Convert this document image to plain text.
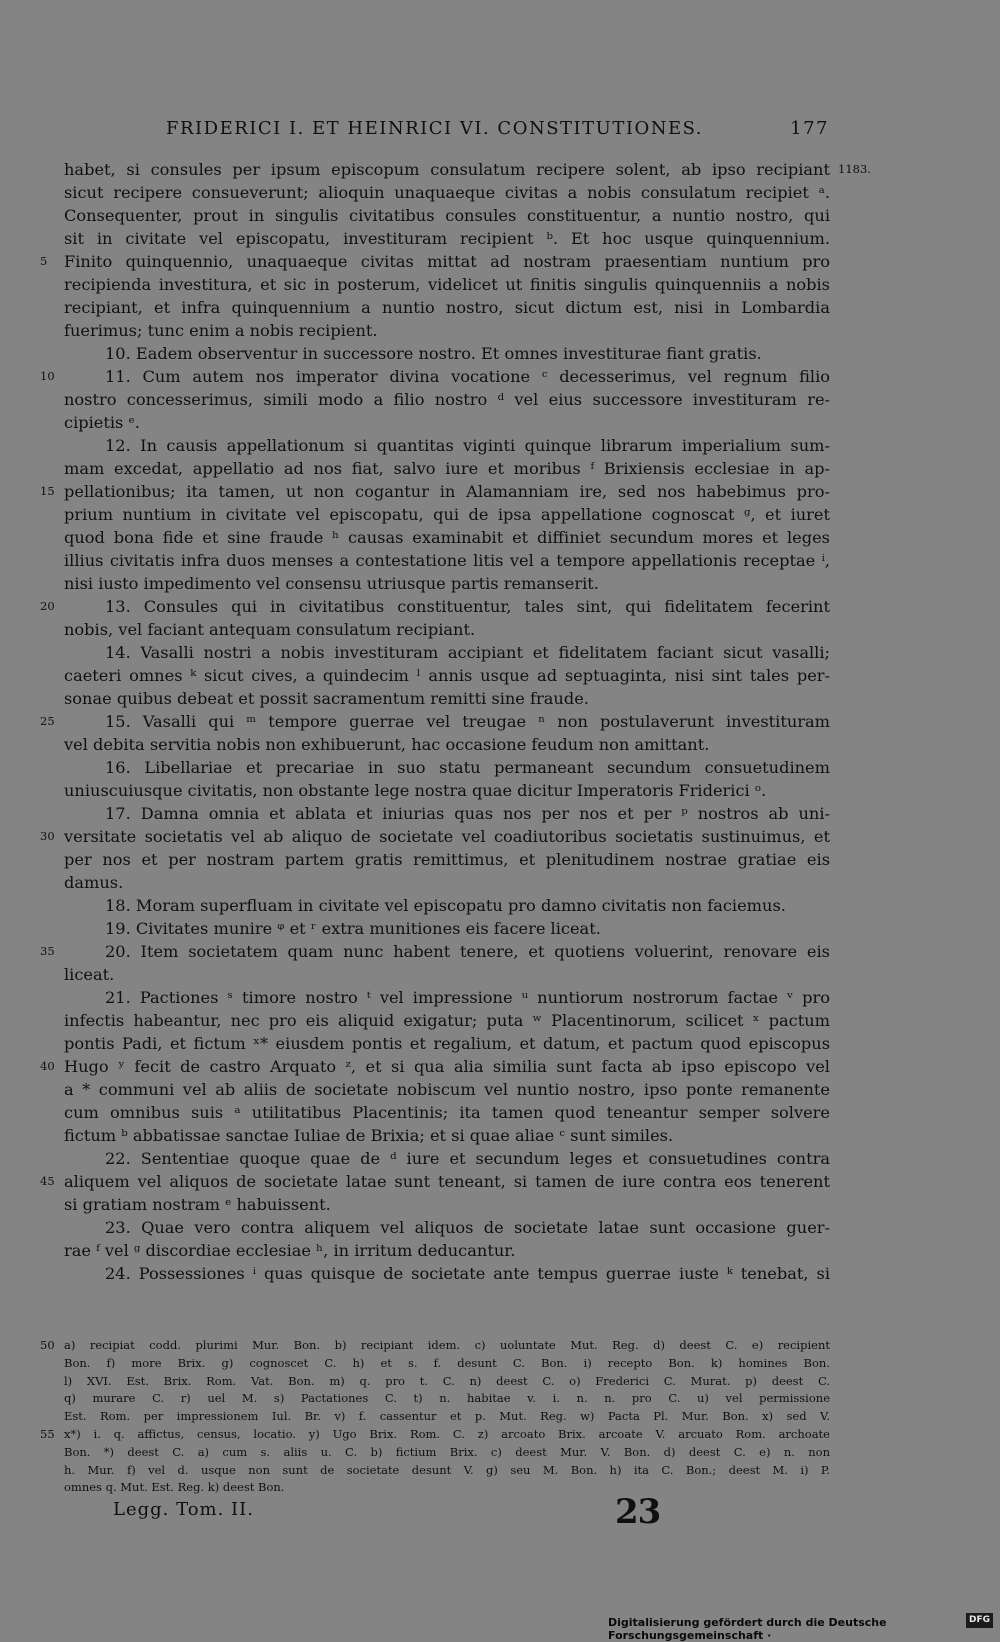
FRIDERICI I. ET HEINRICI VI. CONSTITUTIONES.	177
habet, si consules per ipsum episcopum consulatum recipere solent, ab ipso recipiant
sicut recipere consueverunt; alioquin unaquaeque civitas a nobis consulatum recipiet ᵃ.
Consequenter, prout in singulis civitatibus consules constituentur, a nuntio nostro, qui
sit in civitate vel episcopatu, investituram recipient ᵇ. Et hoc usque quinquennium.
Finito quinquennio, unaquaeque civitas mittat ad nostram praesentiam nuntium pro
recipienda investitura, et sic in posterum, videlicet ut finitis singulis quinquenniis a nobis
recipiant, et infra quinquennium a nuntio nostro, sicut dictum est, nisi in Lombardia
fuerimus; tunc enim a nobis recipient.
10. Eadem observentur in successore nostro. Et omnes investiturae fiant gratis.
11. Cum autem nos imperator divina vocatione ᶜ decesserimus, vel regnum filio
nostro concesserimus, simili modo a filio nostro ᵈ vel eius successore investituram re-
cipietis ᵉ.
12. In causis appellationum si quantitas viginti quinque librarum imperialium sum-
mam excedat, appellatio ad nos fiat, salvo iure et moribus ᶠ Brixiensis ecclesiae in ap-
pellationibus; ita tamen, ut non cogantur in Alamanniam ire, sed nos habebimus pro-
prium nuntium in civitate vel episcopatu, qui de ipsa appellatione cognoscat ᵍ, et iuret
quod bona fide et sine fraude ʰ causas examinabit et diffiniet secundum mores et leges
illius civitatis infra duos menses a contestatione litis vel a tempore appellationis receptae ⁱ,
nisi iusto impedimento vel consensu utriusque partis remanserit.
13. Consules qui in civitatibus constituentur, tales sint, qui fidelitatem fecerint
nobis, vel faciant antequam consulatum recipiant.
14. Vasalli nostri a nobis investituram accipiant et fidelitatem faciant sicut vasalli;
caeteri omnes ᵏ sicut cives, a quindecim ˡ annis usque ad septuaginta, nisi sint tales per-
sonae quibus debeat et possit sacramentum remitti sine fraude.
15. Vasalli qui ᵐ tempore guerrae vel treugae ⁿ non postulaverunt investituram
vel debita servitia nobis non exhibuerunt, hac occasione feudum non amittant.
16. Libellariae et precariae in suo statu permaneant secundum consuetudinem
uniuscuiusque civitatis, non obstante lege nostra quae dicitur Imperatoris Friderici ᵒ.
17. Damna omnia et ablata et iniurias quas nos per nos et per ᵖ nostros ab uni-
versitate societatis vel ab aliquo de societate vel coadiutoribus societatis sustinuimus, et
per nos et per nostram partem gratis remittimus, et plenitudinem nostrae gratiae eis
damus.
18. Moram superfluam in civitate vel episcopatu pro damno civitatis non faciemus.
19. Civitates munire ᵠ et ʳ extra munitiones eis facere liceat.
20. Item societatem quam nunc habent tenere, et quotiens voluerint, renovare eis
liceat.
21. Pactiones ˢ timore nostro ᵗ vel impressione ᵘ nuntiorum nostrorum factae ᵛ pro
infectis habeantur, nec pro eis aliquid exigatur; puta ʷ Placentinorum, scilicet ˣ pactum
pontis Padi, et fictum ˣ* eiusdem pontis et regalium, et datum, et pactum quod episcopus
Hugo ʸ fecit de castro Arquato ᶻ, et si qua alia similia sunt facta ab ipso episcopo vel
a * communi vel ab aliis de societate nobiscum vel nuntio nostro, ipso ponte remanente
cum omnibus suis ᵃ utilitatibus Placentinis; ita tamen quod teneantur semper solvere
fictum ᵇ abbatissae sanctae Iuliae de Brixia; et si quae aliae ᶜ sunt similes.
22. Sententiae quoque quae de ᵈ iure et secundum leges et consuetudines contra
aliquem vel aliquos de societate latae sunt teneant, si tamen de iure contra eos tenerent
si gratiam nostram ᵉ habuissent.
23. Quae vero contra aliquem vel aliquos de societate latae sunt occasione guer-
rae ᶠ vel ᵍ discordiae ecclesiae ʰ, in irritum deducantur.
24. Possessiones ⁱ quas quisque de societate ante tempus guerrae iuste ᵏ tenebat, si
5
10
15
20
25
30
35
40
45
1183.
a) recipiat codd. plurimi Mur. Bon. b) recipiant idem. c) uoluntate Mut. Reg. d) deest C. e) recipient
Bon. f) more Brix. g) cognoscet C. h) et s. f. desunt C. Bon. i) recepto Bon. k) homines Bon.
l) XVI. Est. Brix. Rom. Vat. Bon. m) q. pro t. C. n) deest C. o) Frederici C. Murat. p) deest C.
q) murare C. r) uel M. s) Pactationes C. t) n. habitae v. i. n. n. pro C. u) vel permissione
Est. Rom. per impressionem Iul. Br. v) f. cassentur et p. Mut. Reg. w) Pacta Pl. Mur. Bon. x) sed V.
x*) i. q. affictus, census, locatio. y) Ugo Brix. Rom. C. z) arcoato Brix. arcoate V. arcuato Rom. archoate
Bon. *) deest C. a) cum s. aliis u. C. b) fictium Brix. c) deest Mur. V. Bon. d) deest C. e) n. non
h. Mur. f) vel d. usque non sunt de societate desunt V. g) seu M. Bon. h) ita C. Bon.; deest M. i) P.
omnes q. Mut. Est. Reg. k) deest Bon.
50
55
Legg. Tom. II.	23
Digitalisierung gefördert durch die Deutsche Forschungsgemeinschaft ·
DFG
